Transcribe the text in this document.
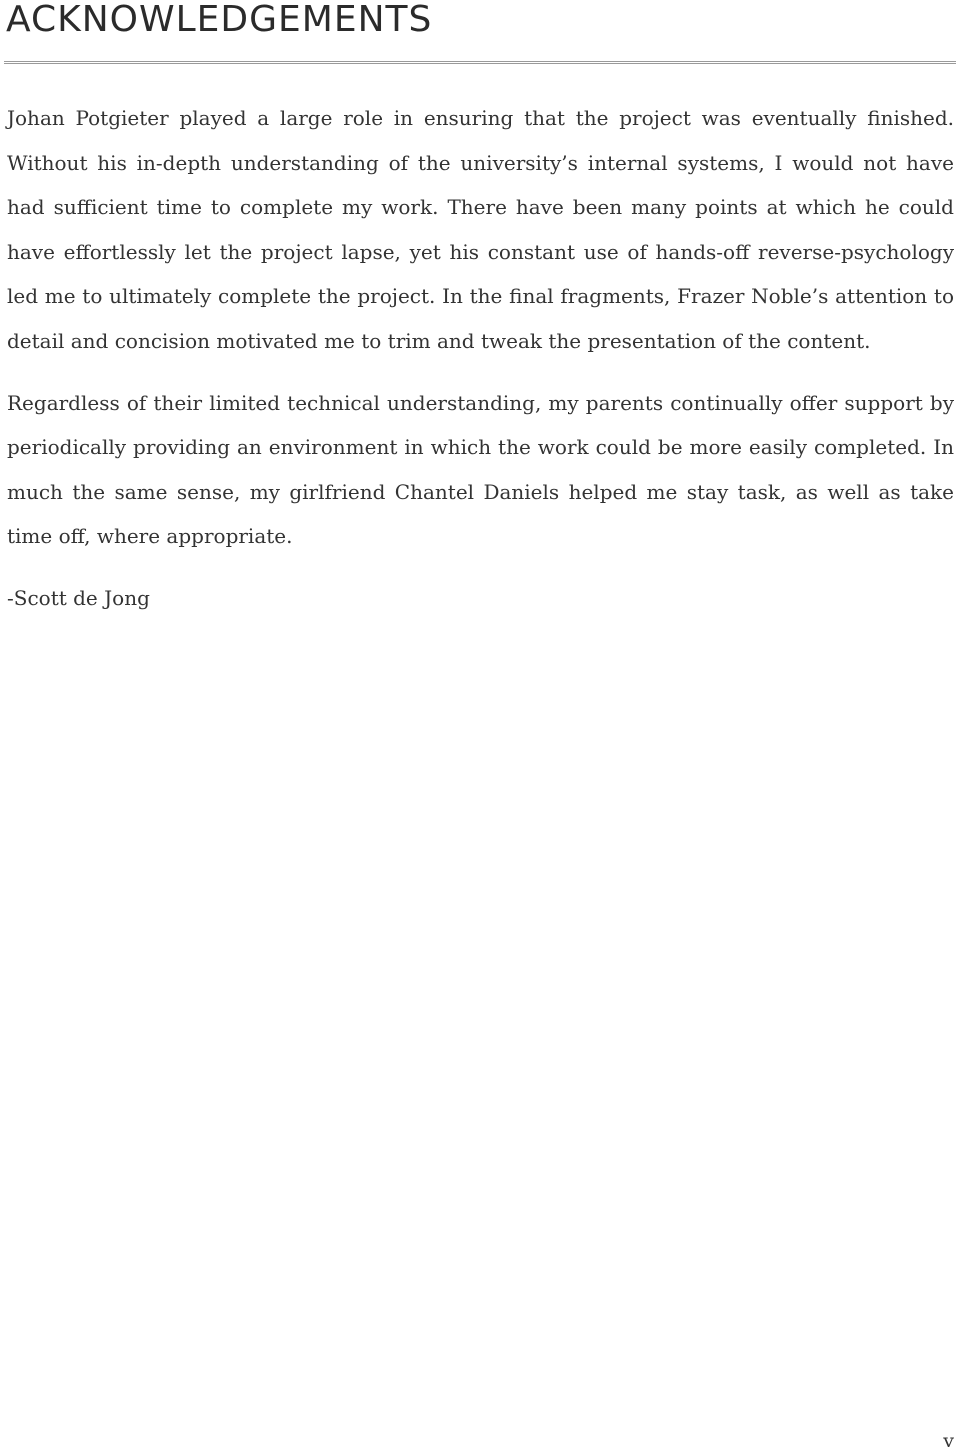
ACKNOWLEDGEMENTS

Johan Potgieter played a large role in ensuring that the project was eventually finished. Without his in-depth understanding of the university’s internal systems, I would not have had sufficient time to complete my work. There have been many points at which he could have effortlessly let the project lapse, yet his constant use of hands-off reverse-psychology led me to ultimately complete the project. In the final fragments, Frazer Noble’s attention to detail and concision motivated me to trim and tweak the presentation of the content.

Regardless of their limited technical understanding, my parents continually offer support by periodically providing an environment in which the work could be more easily completed. In much the same sense, my girlfriend Chantel Daniels helped me stay task, as well as take time off, where appropriate.

-Scott de Jong

v
